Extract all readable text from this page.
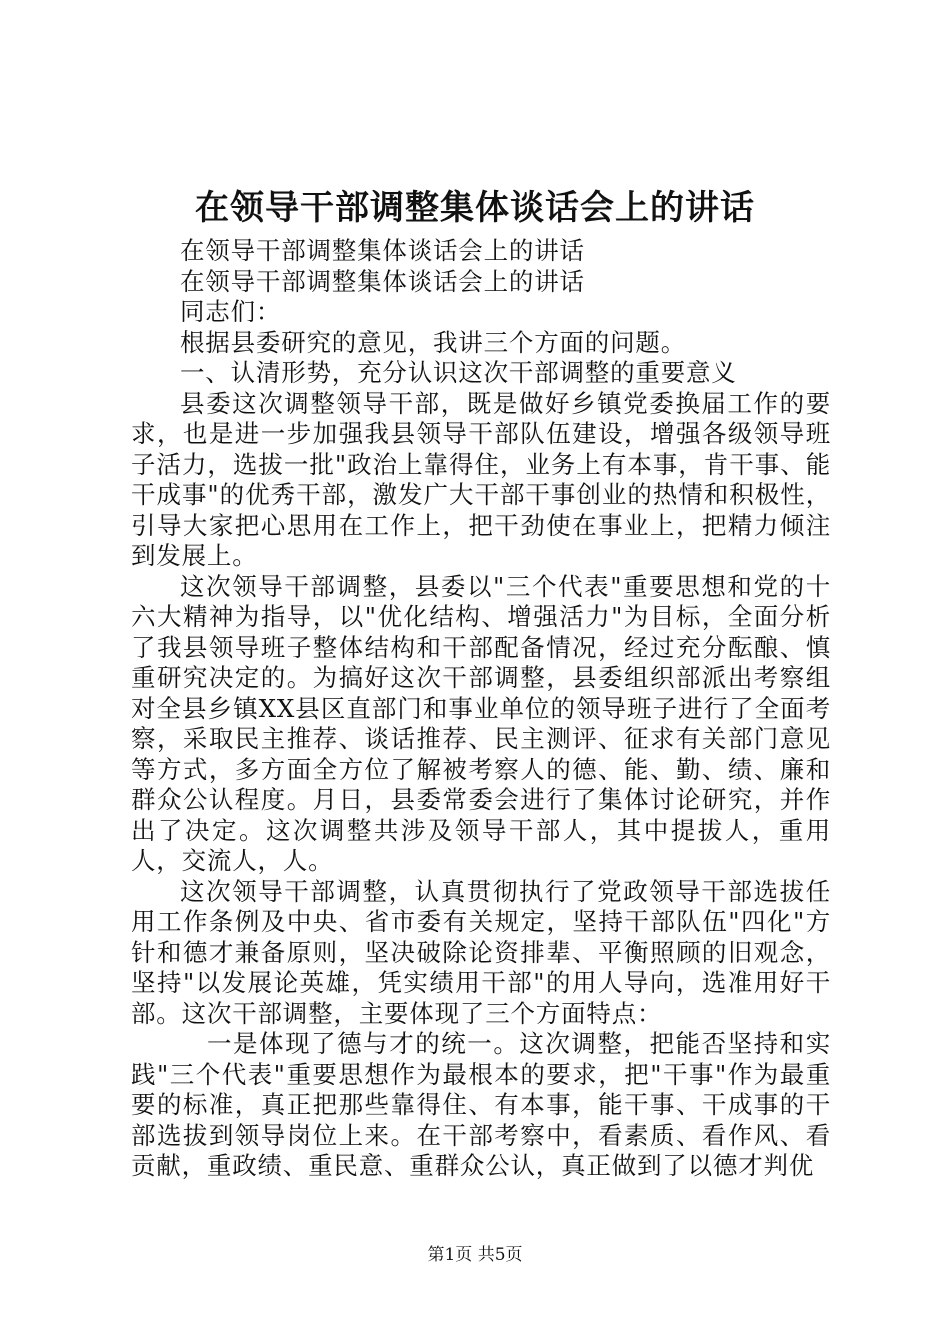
在领导干部调整集体谈话会上的讲话

在领导干部调整集体谈话会上的讲话

在领导干部调整集体谈话会上的讲话

同志们：

根据县委研究的意见，我讲三个方面的问题。

一、认清形势，充分认识这次干部调整的重要意义

县委这次调整领导干部，既是做好乡镇党委换届工作的要求，也是进一步加强我县领导干部队伍建设，增强各级领导班子活力，选拔一批"政治上靠得住，业务上有本事，肯干事、能干成事"的优秀干部，激发广大干部干事创业的热情和积极性，引导大家把心思用在工作上，把干劲使在事业上，把精力倾注到发展上。

这次领导干部调整，县委以"三个代表"重要思想和党的十六大精神为指导，以"优化结构、增强活力"为目标，全面分析了我县领导班子整体结构和干部配备情况，经过充分酝酿、慎重研究决定的。为搞好这次干部调整，县委组织部派出考察组对全县乡镇XX县区直部门和事业单位的领导班子进行了全面考察，采取民主推荐、谈话推荐、民主测评、征求有关部门意见等方式，多方面全方位了解被考察人的德、能、勤、绩、廉和群众公认程度。月日，县委常委会进行了集体讨论研究，并作出了决定。这次调整共涉及领导干部人，其中提拔人，重用人，交流人，人。

这次领导干部调整，认真贯彻执行了党政领导干部选拔任用工作条例及中央、省市委有关规定，坚持干部队伍"四化"方针和德才兼备原则，坚决破除论资排辈、平衡照顾的旧观念，坚持"以发展论英雄，凭实绩用干部"的用人导向，选准用好干部。这次干部调整，主要体现了三个方面特点：

一是体现了德与才的统一。这次调整，把能否坚持和实践"三个代表"重要思想作为最根本的要求，把"干事"作为最重要的标准，真正把那些靠得住、有本事，能干事、干成事的干部选拔到领导岗位上来。在干部考察中，看素质、看作风、看贡献，重政绩、重民意、重群众公认，真正做到了以德才判优

第1页 共5页
